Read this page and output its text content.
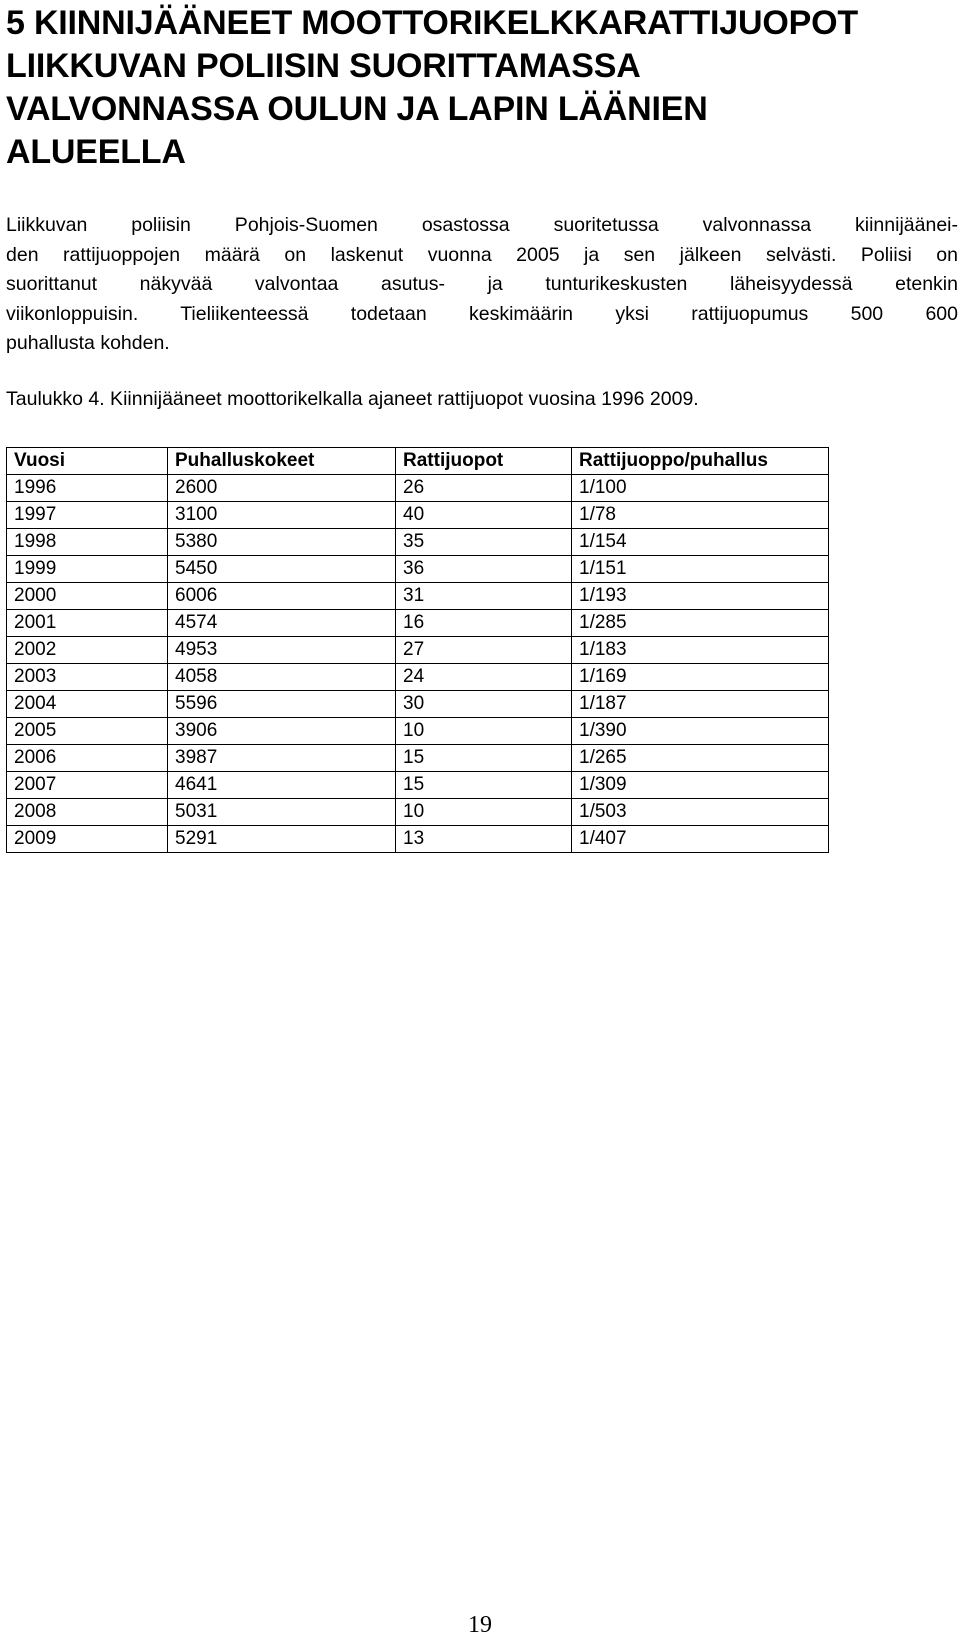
5 KIINNIJÄÄNEET MOOTTORIKELKKARATTIJUOPOT
LIIKKUVAN POLIISIN SUORITTAMASSA
VALVONNASSA OULUN JA LAPIN LÄÄNIEN
ALUEELLA

Liikkuvan poliisin Pohjois-Suomen osastossa suoritetussa valvonnassa kiinnijäänei-
den rattijuoppojen määrä on laskenut vuonna 2005 ja sen jälkeen selvästi. Poliisi on
suorittanut näkyvää valvontaa asutus- ja tunturikeskusten läheisyydessä etenkin
viikonloppuisin. Tieliikenteessä todetaan keskimäärin yksi rattijuopumus 500 600
puhallusta kohden.

Taulukko 4. Kiinnijääneet moottorikelkalla ajaneet rattijuopot vuosina 1996 2009.

Vuosi	Puhalluskokeet	Rattijuopot	Rattijuoppo/puhallus
1996	2600	26	1/100
1997	3100	40	1/78
1998	5380	35	1/154
1999	5450	36	1/151
2000	6006	31	1/193
2001	4574	16	1/285
2002	4953	27	1/183
2003	4058	24	1/169
2004	5596	30	1/187
2005	3906	10	1/390
2006	3987	15	1/265
2007	4641	15	1/309
2008	5031	10	1/503
2009	5291	13	1/407
19
